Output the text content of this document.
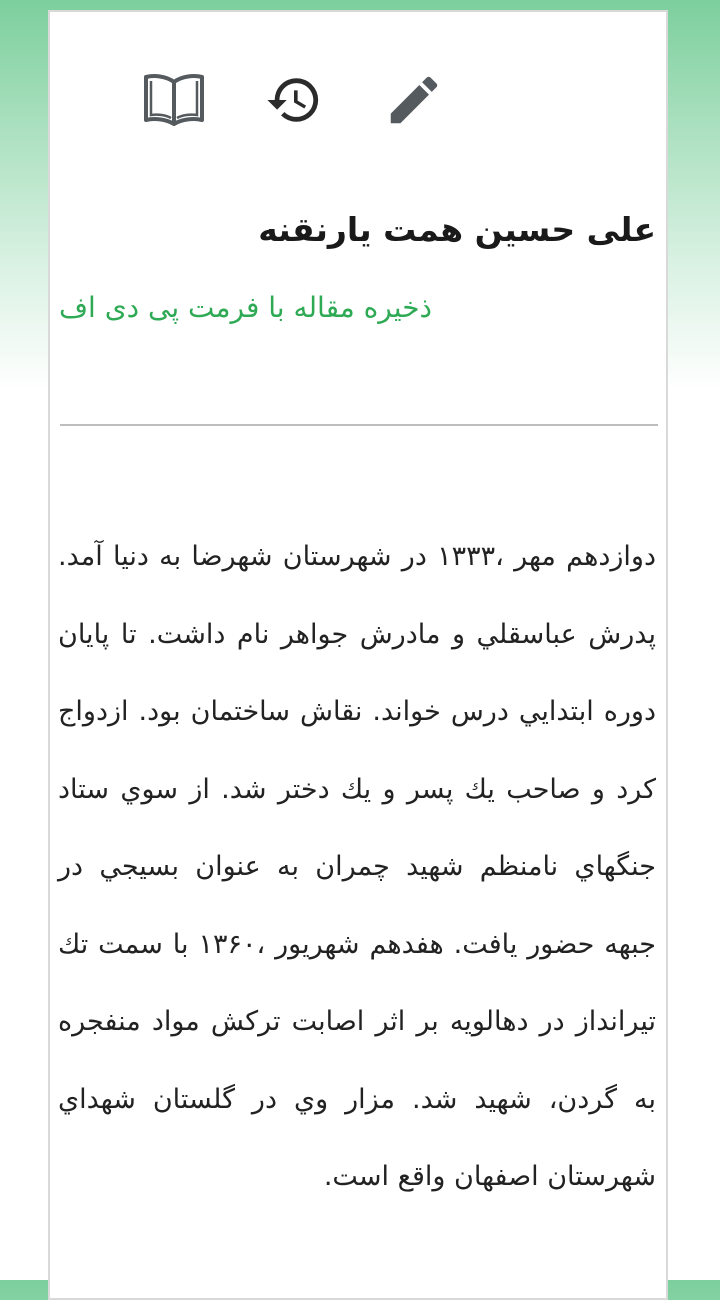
علی حسین همت یارنقنه
ذخیره مقاله با فرمت پی دی اف

دوازدهم مهر ،۱۳۳۳ در شهرستان شهرضا به دنیا آمد. پدرش عباسقلي و مادرش جواهر نام داشت. تا پايان دوره ابتدايي درس خواند. نقاش ساختمان بود. ازدواج كرد و صاحب يك پسر و يك دختر شد. از سوي ستاد جنگهاي نامنظم شهيد چمران به عنوان بسيجي در جبهه حضور يافت. هفدهم شهريور ،۱۳۶۰ با سمت تك تيرانداز در دهالويه بر اثر اصابت تركش مواد منفجره به گردن، شهيد شد. مزار وي در گلستان شهداي شهرستان اصفهان واقع است.
